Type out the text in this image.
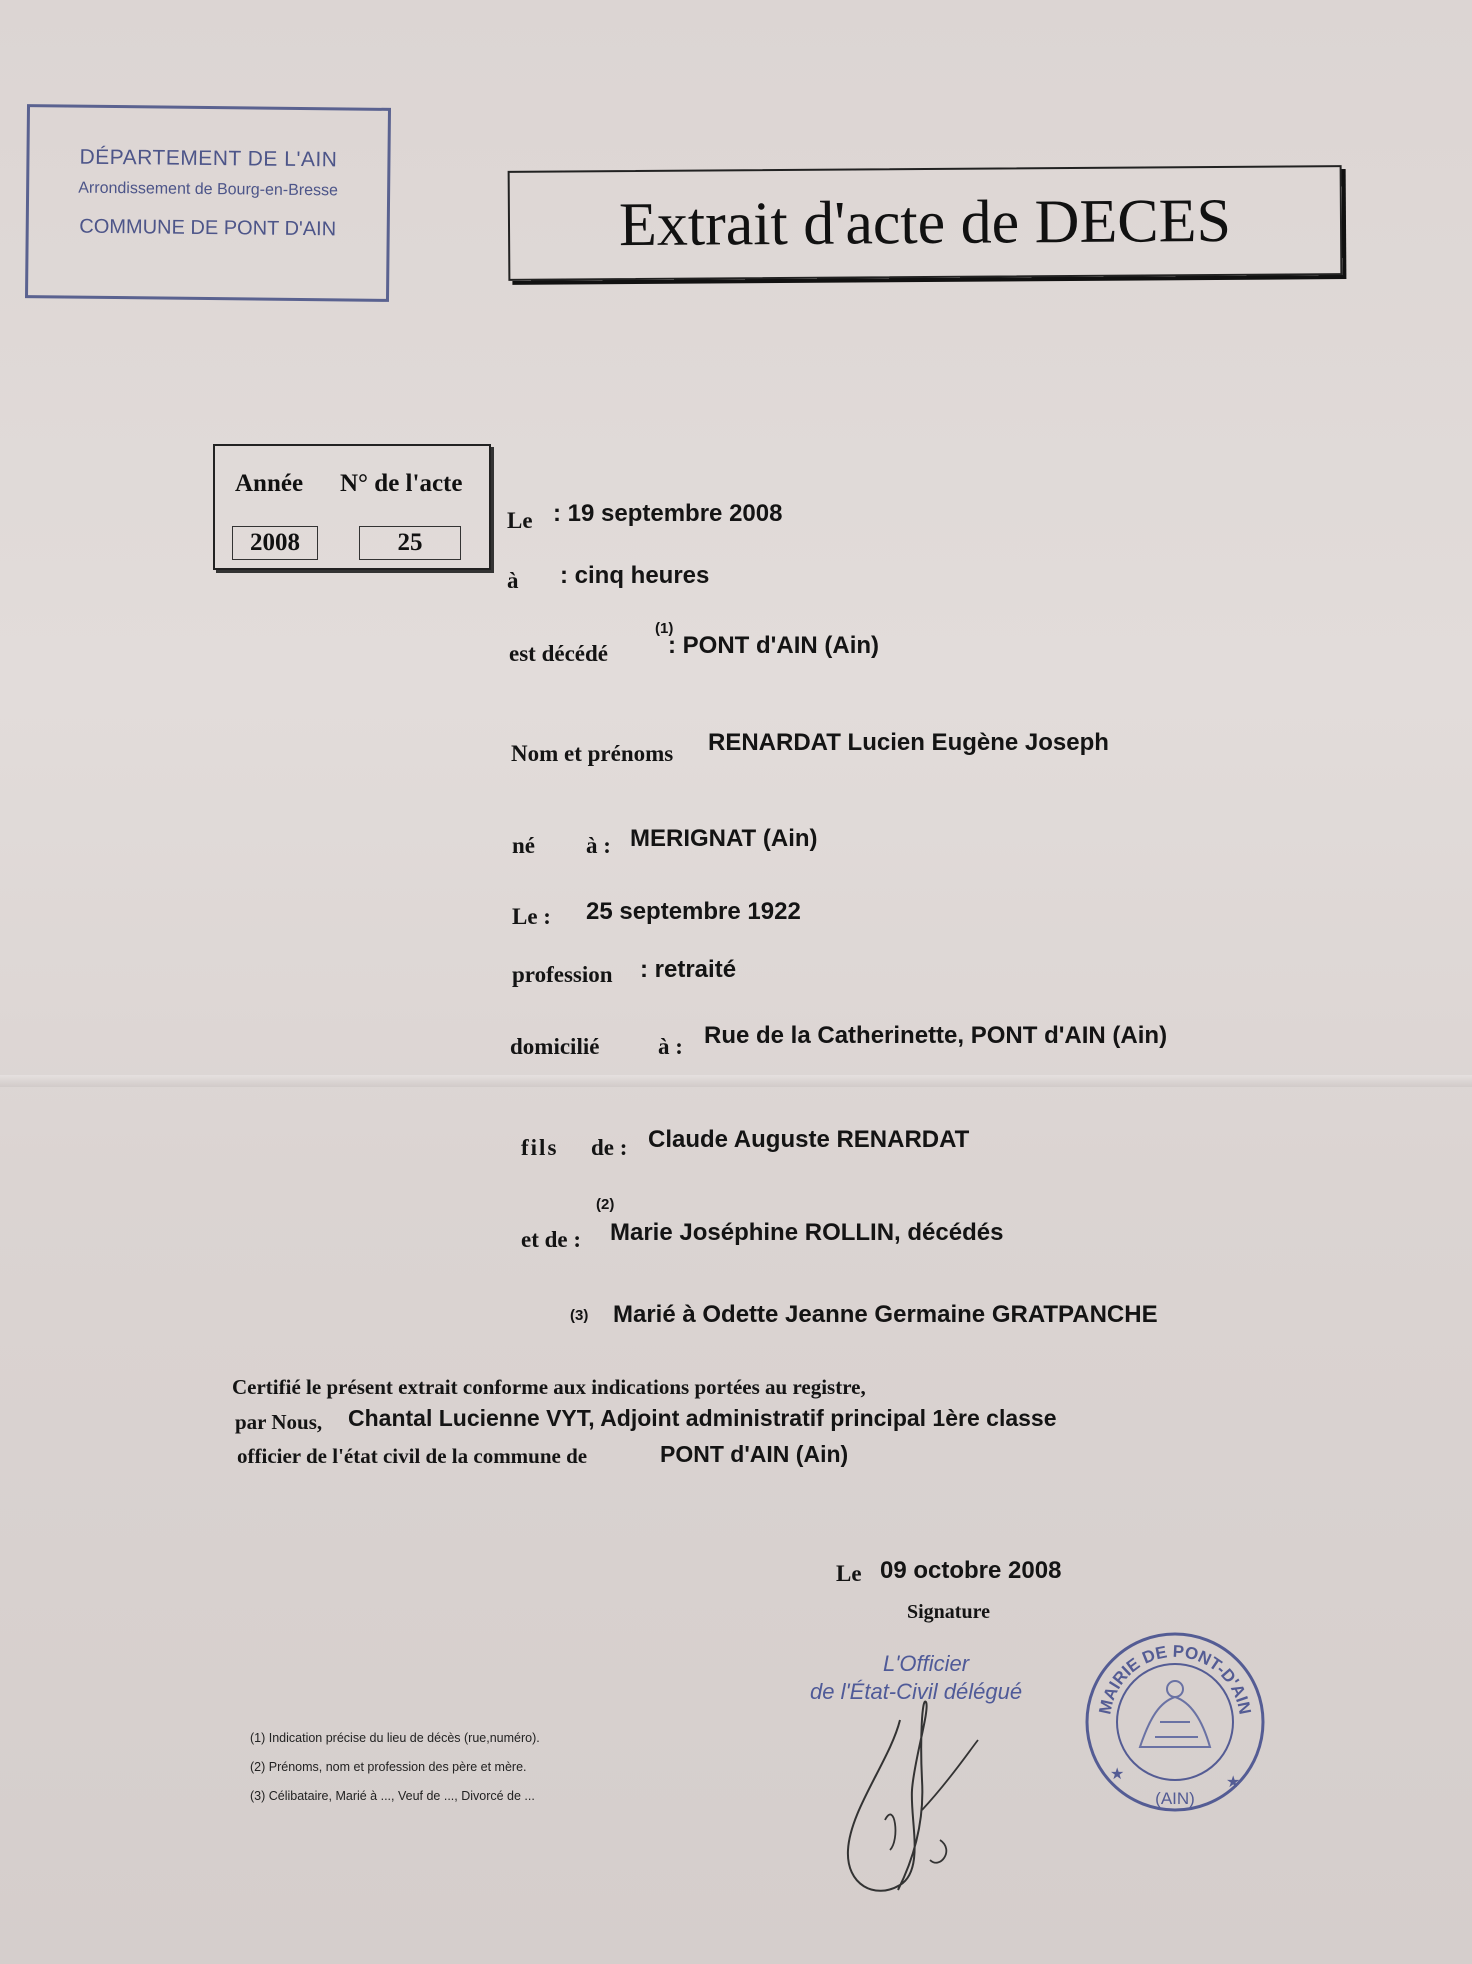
DÉPARTEMENT DE L'AIN
Arrondissement de Bourg-en-Bresse
COMMUNE DE PONT D'AIN	Extrait d'acte de DECES
Année N° de l'acte
2008	25
Le : 19 septembre 2008
à : cinq heures
est décédé
(1)
: PONT d'AIN (Ain)
Nom et prénoms RENARDAT Lucien Eugène Joseph
né à : MERIGNAT (Ain)
Le : 25 septembre 1922
profession : retraité
domicilié	à : Rue de la Catherinette, PONT d'AIN (Ain)
fils de : Claude Auguste RENARDAT
(2)
et de : Marie Joséphine ROLLIN, décédés
(3) Marié à Odette Jeanne Germaine GRATPANCHE
Certifié le présent extrait conforme aux indications portées au registre,
par Nous, Chantal Lucienne VYT, Adjoint administratif principal 1ère classe
officier de l'état civil de la commune de	PONT d'AIN (Ain)
Le 09 octobre 2008
Signature
L'Officier
de l'État-Civil délégué
MAIRIE DE PONT-D'AIN
(AIN)
★	★
(1) Indication précise du lieu de décès (rue,numéro).
(2) Prénoms, nom et profession des père et mère.
(3) Célibataire, Marié à ..., Veuf de ..., Divorcé de ...
